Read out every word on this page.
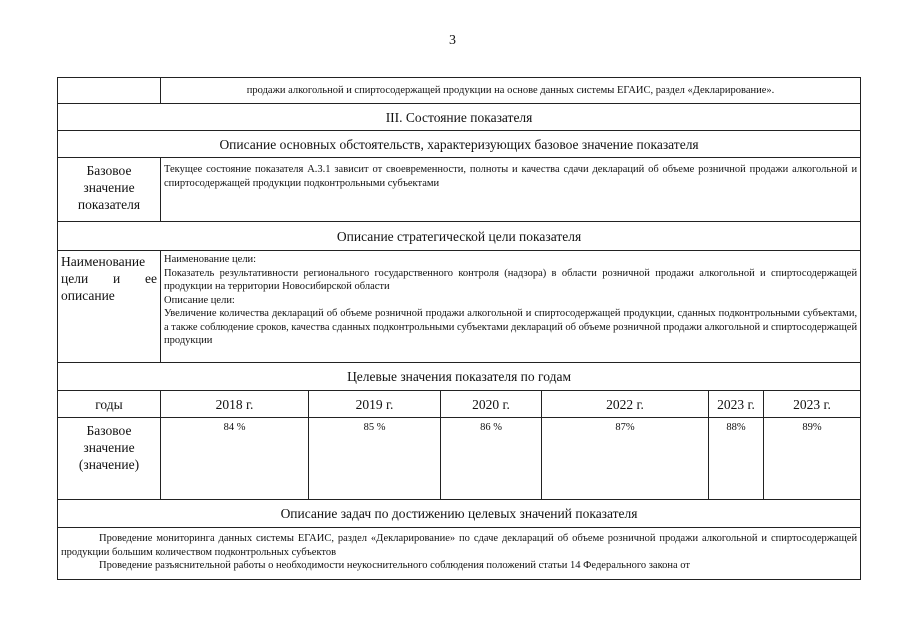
3
	продажи алкогольной и спиртосодержащей продукции на основе данных системы ЕГАИС, раздел «Декларирование».					
III. Состояние показателя						
Описание основных обстоятельств, характеризующих базовое значение показателя						
Базовое значение показателя	Текущее состояние показателя А.3.1 зависит от своевременности, полноты и качества сдачи деклараций об объеме розничной продажи алкогольной и спиртосодержащей продукции подконтрольными субъектами					
Описание стратегической цели показателя						
Наименование цели и ее описание	Наименование цели:
Показатель результативности регионального государственного контроля (надзора) в области розничной продажи алкогольной и спиртосодержащей продукции на территории Новосибирской области
Описание цели:
Увеличение количества деклараций об объеме розничной продажи алкогольной и спиртосодержащей продукции, сданных подконтрольными субъектами, а также соблюдение сроков, качества сданных подконтрольными субъектами деклараций об объеме розничной продажи алкогольной и спиртосодержащей продукции					

Целевые значения показателя по годам						
годы	2018 г.	2019 г.	2020 г.	2022 г.	2023 г.	2023 г.
Базовое значение (значение)	84 %	85 %	86 %	87%	88%	89%
Описание задач по достижению целевых значений показателя						

Проведение мониторинга данных системы ЕГАИС, раздел «Декларирование» по сдаче деклараций об объеме розничной продажи алкогольной и спиртосодержащей продукции большим количеством подконтрольных субъектов

Проведение разъяснительной работы о необходимости неукоснительного соблюдения положений статьи 14 Федерального закона от						
